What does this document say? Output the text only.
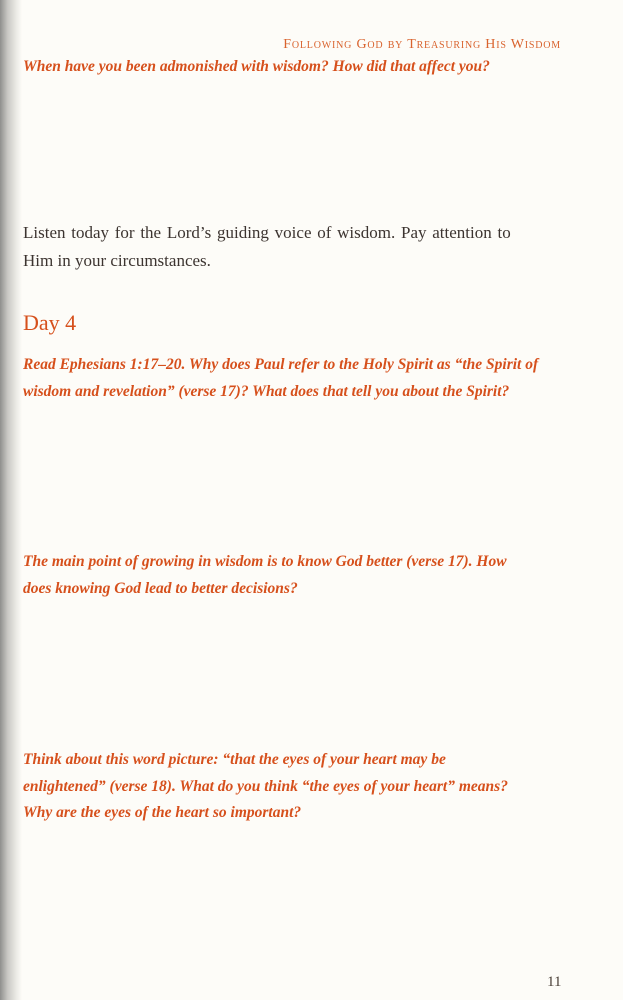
Following God by Treasuring His Wisdom
When have you been admonished with wisdom? How did that affect you?
Listen today for the Lord’s guiding voice of wisdom. Pay attention to
Him in your circumstances.
Day 4
Read Ephesians 1:17–20. Why does Paul refer to the Holy Spirit as “the Spirit of
wisdom and revelation” (verse 17)? What does that tell you about the Spirit?
The main point of growing in wisdom is to know God better (verse 17). How
does knowing God lead to better decisions?
Think about this word picture: “that the eyes of your heart may be
enlightened” (verse 18). What do you think “the eyes of your heart” means?
Why are the eyes of the heart so important?
11
